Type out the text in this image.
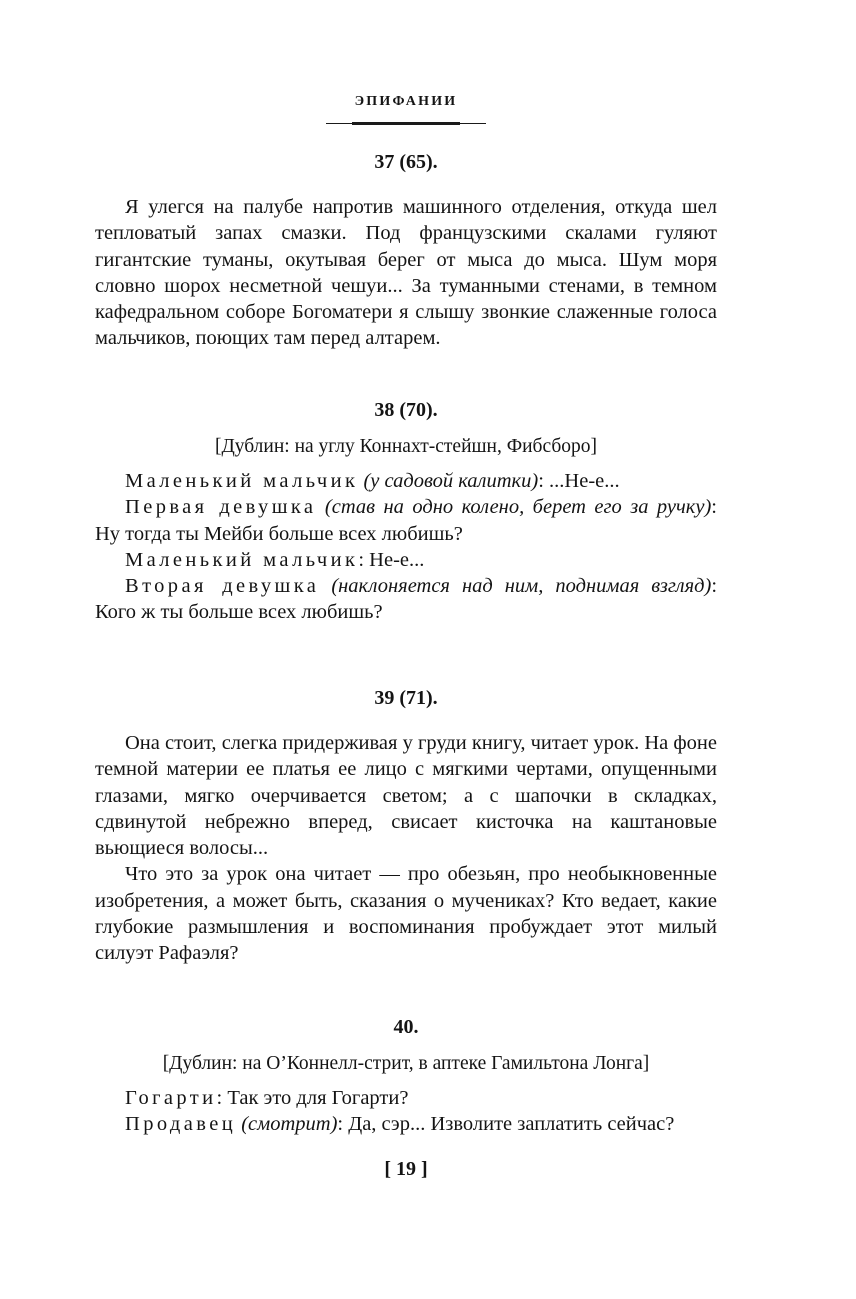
ЭПИФАНИИ
37 (65).

Я улегся на палубе напротив машинного отделения, откуда шел тепловатый запах смазки. Под французскими скалами гуляют гигантские туманы, окутывая берег от мыса до мыса. Шум моря словно шорох несметной чешуи... За туманными стенами, в темном кафедральном соборе Богоматери я слышу звонкие слаженные голоса мальчиков, поющих там перед алтарем.

38 (70).
[Дублин: на углу Коннахт-стейшн, Фибсборо]

Маленький мальчик (у садовой калитки): ...Не-е...

Первая девушка (став на одно колено, берет его за ручку): Ну тогда ты Мейби больше всех любишь?

Маленький мальчик: Не-е...

Вторая девушка (наклоняется над ним, поднимая взгляд): Кого ж ты больше всех любишь?

39 (71).

Она стоит, слегка придерживая у груди книгу, читает урок. На фоне темной материи ее платья ее лицо с мягкими чертами, опущенными глазами, мягко очерчивается светом; а с шапочки в складках, сдвинутой небрежно вперед, свисает кисточка на каштановые вьющиеся волосы...

Что это за урок она читает — про обезьян, про необыкновенные изобретения, а может быть, сказания о мучениках? Кто ведает, какие глубокие размышления и воспоминания пробуждает этот милый силуэт Рафаэля?

40.
[Дублин: на О’Коннелл-стрит, в аптеке Гамильтона Лонга]

Гогарти: Так это для Гогарти?

Продавец (смотрит): Да, сэр... Изволите заплатить сейчас?

[ 19 ]
